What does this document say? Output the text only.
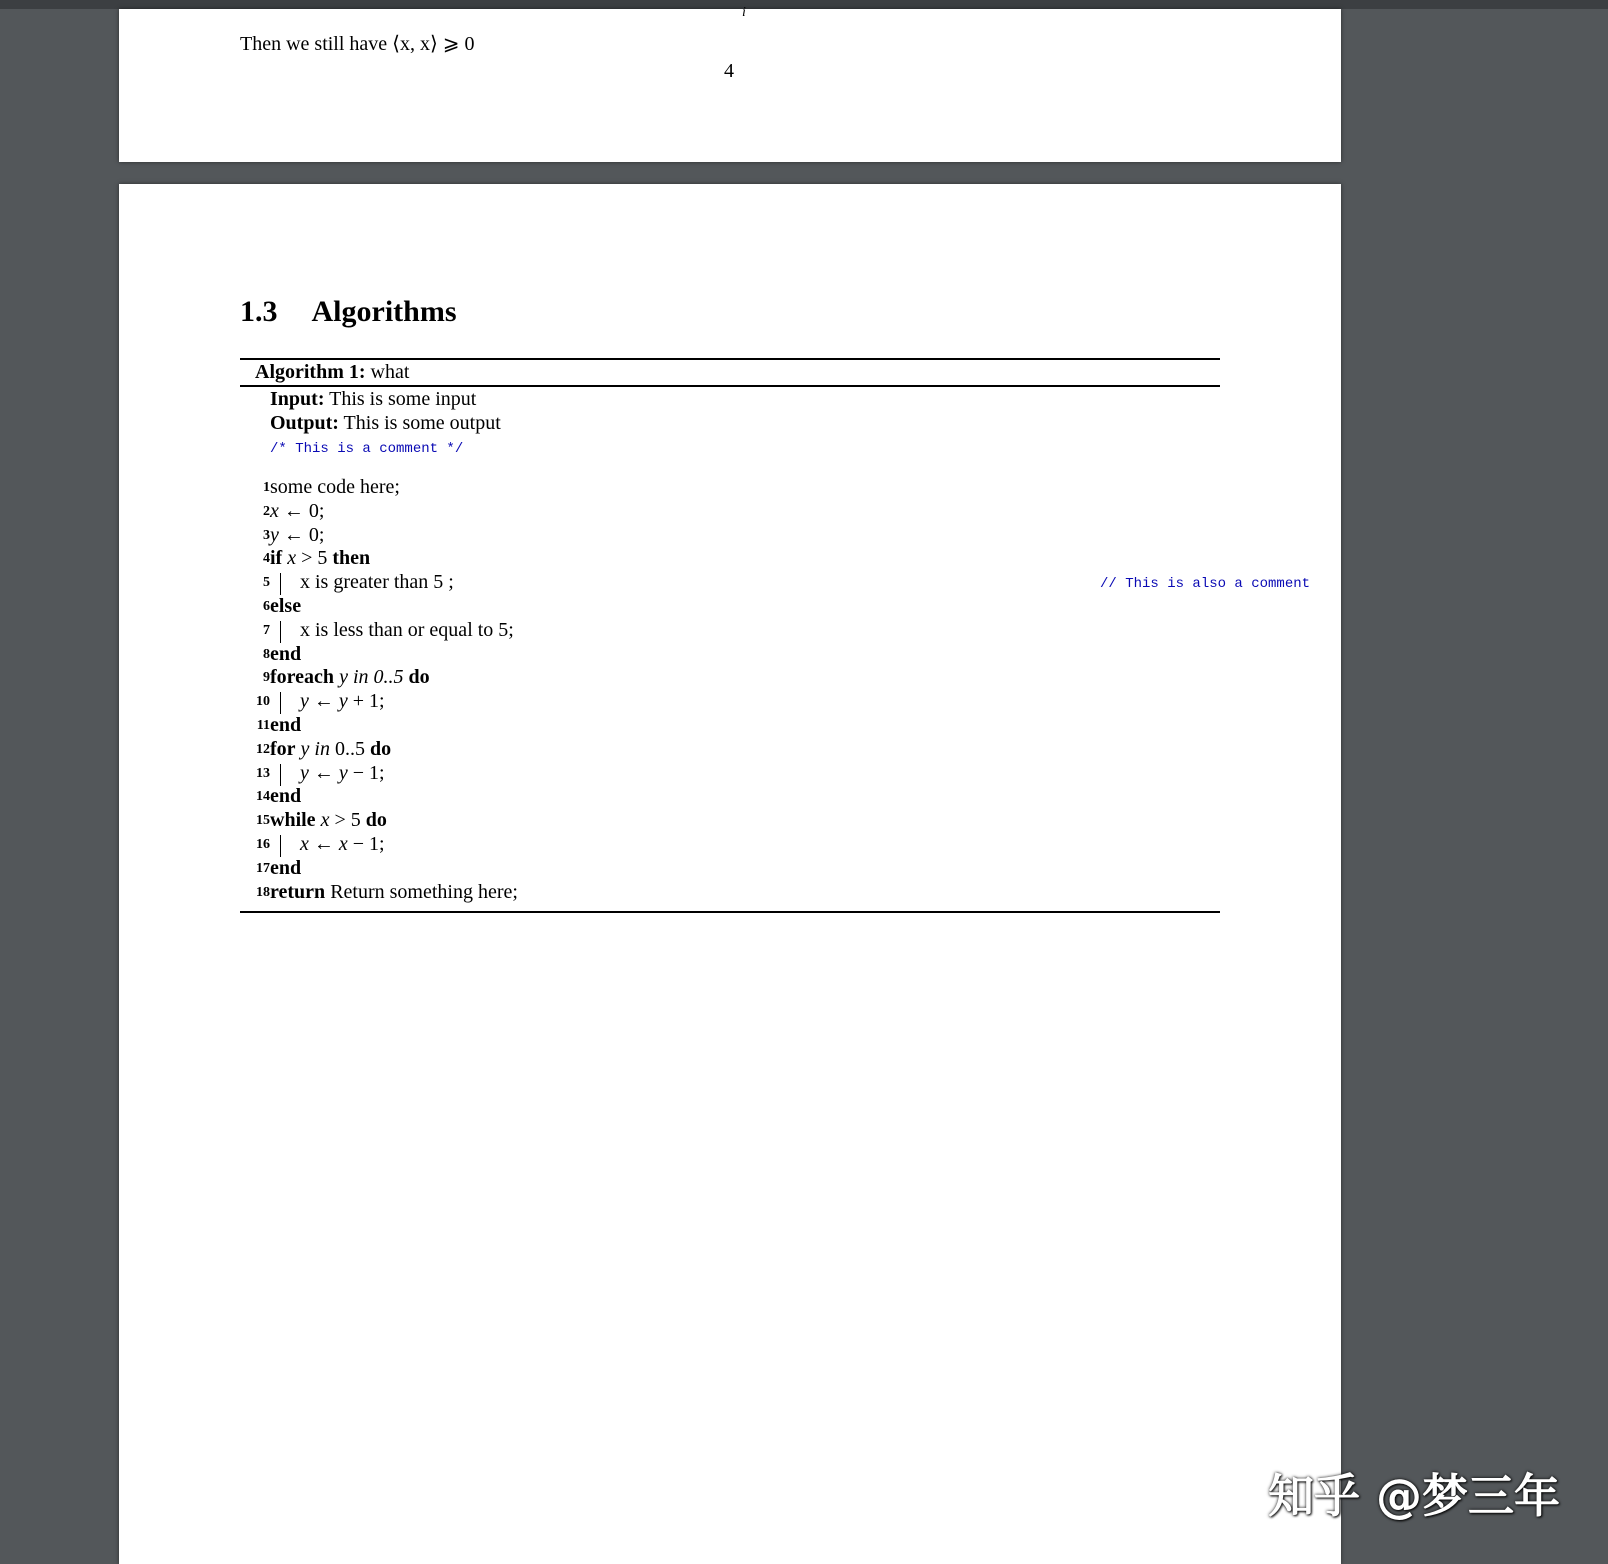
i
Then we still have ⟨x, x⟩ ⩾ 0
4
1.3 Algorithms
Algorithm 1: what
Input: This is some input
Output: This is some output
/* This is a comment */
1 some code here;
2 x ← 0;
3 y ← 0;
4 if x > 5 then
5 x is greater than 5 ;	// This is also a comment
6 else
7 x is less than or equal to 5;
8 end
9 foreach y in 0..5 do
10 y ← y + 1;
11 end
12 for y in 0..5 do
13 y ← y − 1;
14 end
15 while x > 5 do
16 x ← x − 1;
17 end
18 return Return something here;
知乎 @梦三年
